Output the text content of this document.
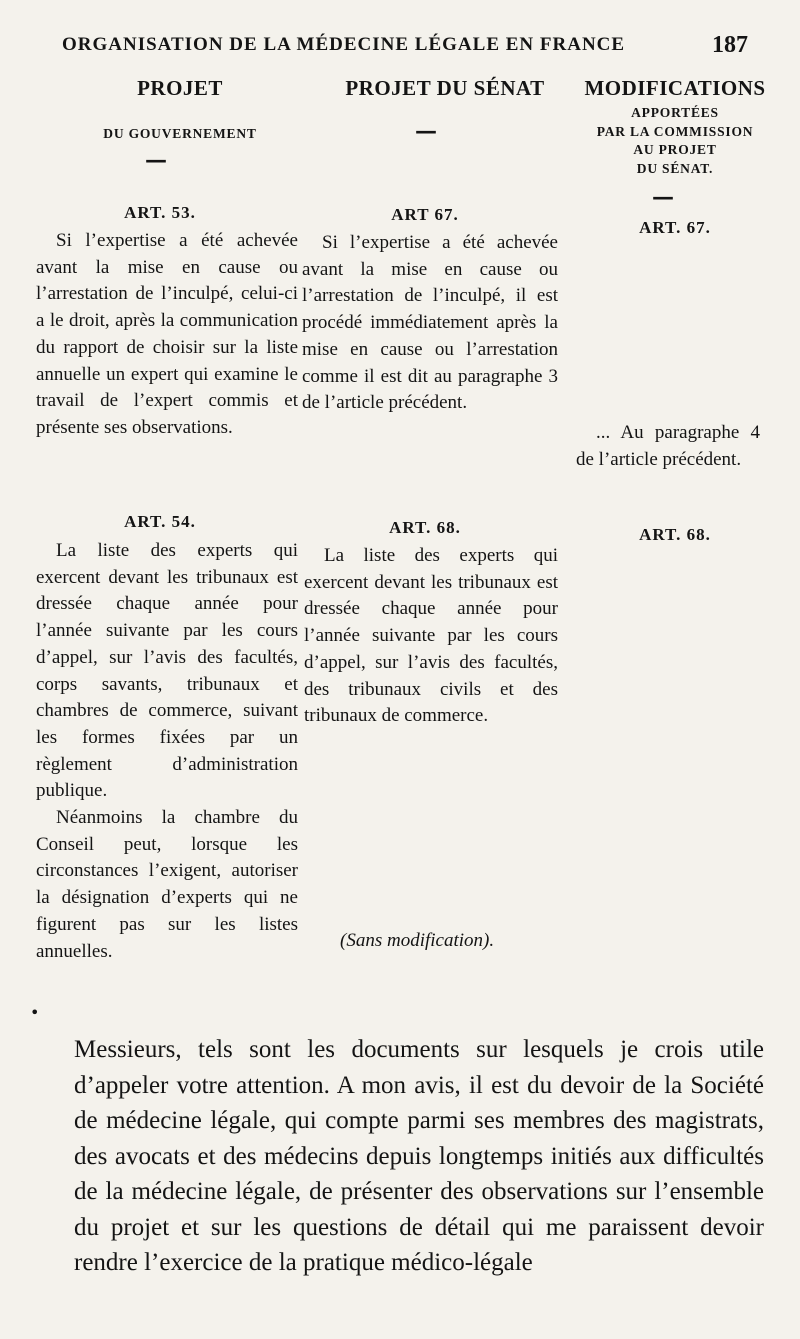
ORGANISATION DE LA MÉDECINE LÉGALE EN FRANCE	187
PROJET
DU GOUVERNEMENT
—
ART. 53.

Si l’expertise a été achevée avant la mise en cause ou l’arrestation de l’inculpé, celui-ci a le droit, après la communication du rapport de choisir sur la liste annuelle un expert qui examine le travail de l’expert commis et présente ses observations.

ART. 54.

La liste des experts qui exercent devant les tribunaux est dressée chaque année pour l’année suivante par les cours d’appel, sur l’avis des facultés, corps savants, tribunaux et chambres de commerce, suivant les formes fixées par un règlement d’administration publique.

Néanmoins la chambre du Conseil peut, lorsque les circonstances l’exigent, autoriser la désignation d’experts qui ne figurent pas sur les listes annuelles.

•
PROJET DU SÉNAT
—
ART 67.

Si l’expertise a été achevée avant la mise en cause ou l’arrestation de l’inculpé, il est procédé immédiatement après la mise en cause ou l’arrestation comme il est dit au paragraphe 3 de l’article précédent.

ART. 68.

La liste des experts qui exercent devant les tribunaux est dressée chaque année pour l’année suivante par les cours d’appel, sur l’avis des facultés, des tribunaux civils et des tribunaux de commerce.

(Sans modification).
MODIFICATIONS
APPORTÉES
PAR LA COMMISSION
AU PROJET
DU SÉNAT.
—
ART. 67.

... Au paragraphe 4 de l’article précédent.

ART. 68.

Messieurs, tels sont les documents sur lesquels je crois utile d’appeler votre attention. A mon avis, il est du devoir de la Société de médecine légale, qui compte parmi ses membres des magistrats, des avocats et des médecins depuis longtemps initiés aux difficultés de la médecine légale, de présenter des observations sur l’ensemble du projet et sur les questions de détail qui me paraissent devoir rendre l’exercice de la pratique médico-légale
